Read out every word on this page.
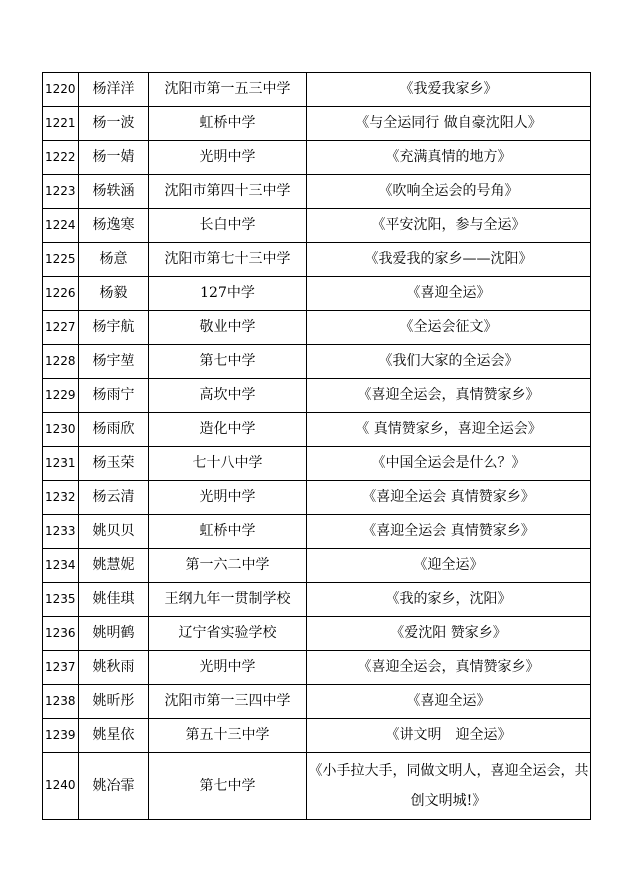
1220	杨洋洋	沈阳市第一五三中学	《我爱我家乡》
1221	杨一波	虹桥中学	《与全运同行 做自豪沈阳人》
1222	杨一婧	光明中学	《充满真情的地方》
1223	杨轶涵	沈阳市第四十三中学	《吹响全运会的号角》
1224	杨逸寒	长白中学	《平安沈阳，参与全运》
1225	杨意	沈阳市第七十三中学	《我爱我的家乡——沈阳》
1226	杨毅	127中学	《喜迎全运》
1227	杨宇航	敬业中学	《全运会征文》
1228	杨宇堃	第七中学	《我们大家的全运会》
1229	杨雨宁	高坎中学	《喜迎全运会，真情赞家乡》
1230	杨雨欣	造化中学	《 真情赞家乡，喜迎全运会》
1231	杨玉荣	七十八中学	《中国全运会是什么？》
1232	杨云清	光明中学	《喜迎全运会 真情赞家乡》
1233	姚贝贝	虹桥中学	《喜迎全运会 真情赞家乡》
1234	姚慧妮	第一六二中学	《迎全运》
1235	姚佳琪	王纲九年一贯制学校	《我的家乡，沈阳》
1236	姚明鹤	辽宁省实验学校	《爱沈阳 赞家乡》
1237	姚秋雨	光明中学	《喜迎全运会，真情赞家乡》
1238	姚昕彤	沈阳市第一三四中学	《喜迎全运》
1239	姚星依	第五十三中学	《讲文明　迎全运》
1240	姚冶霏	第七中学	《小手拉大手，同做文明人，喜迎全运会，共创文明城!》
